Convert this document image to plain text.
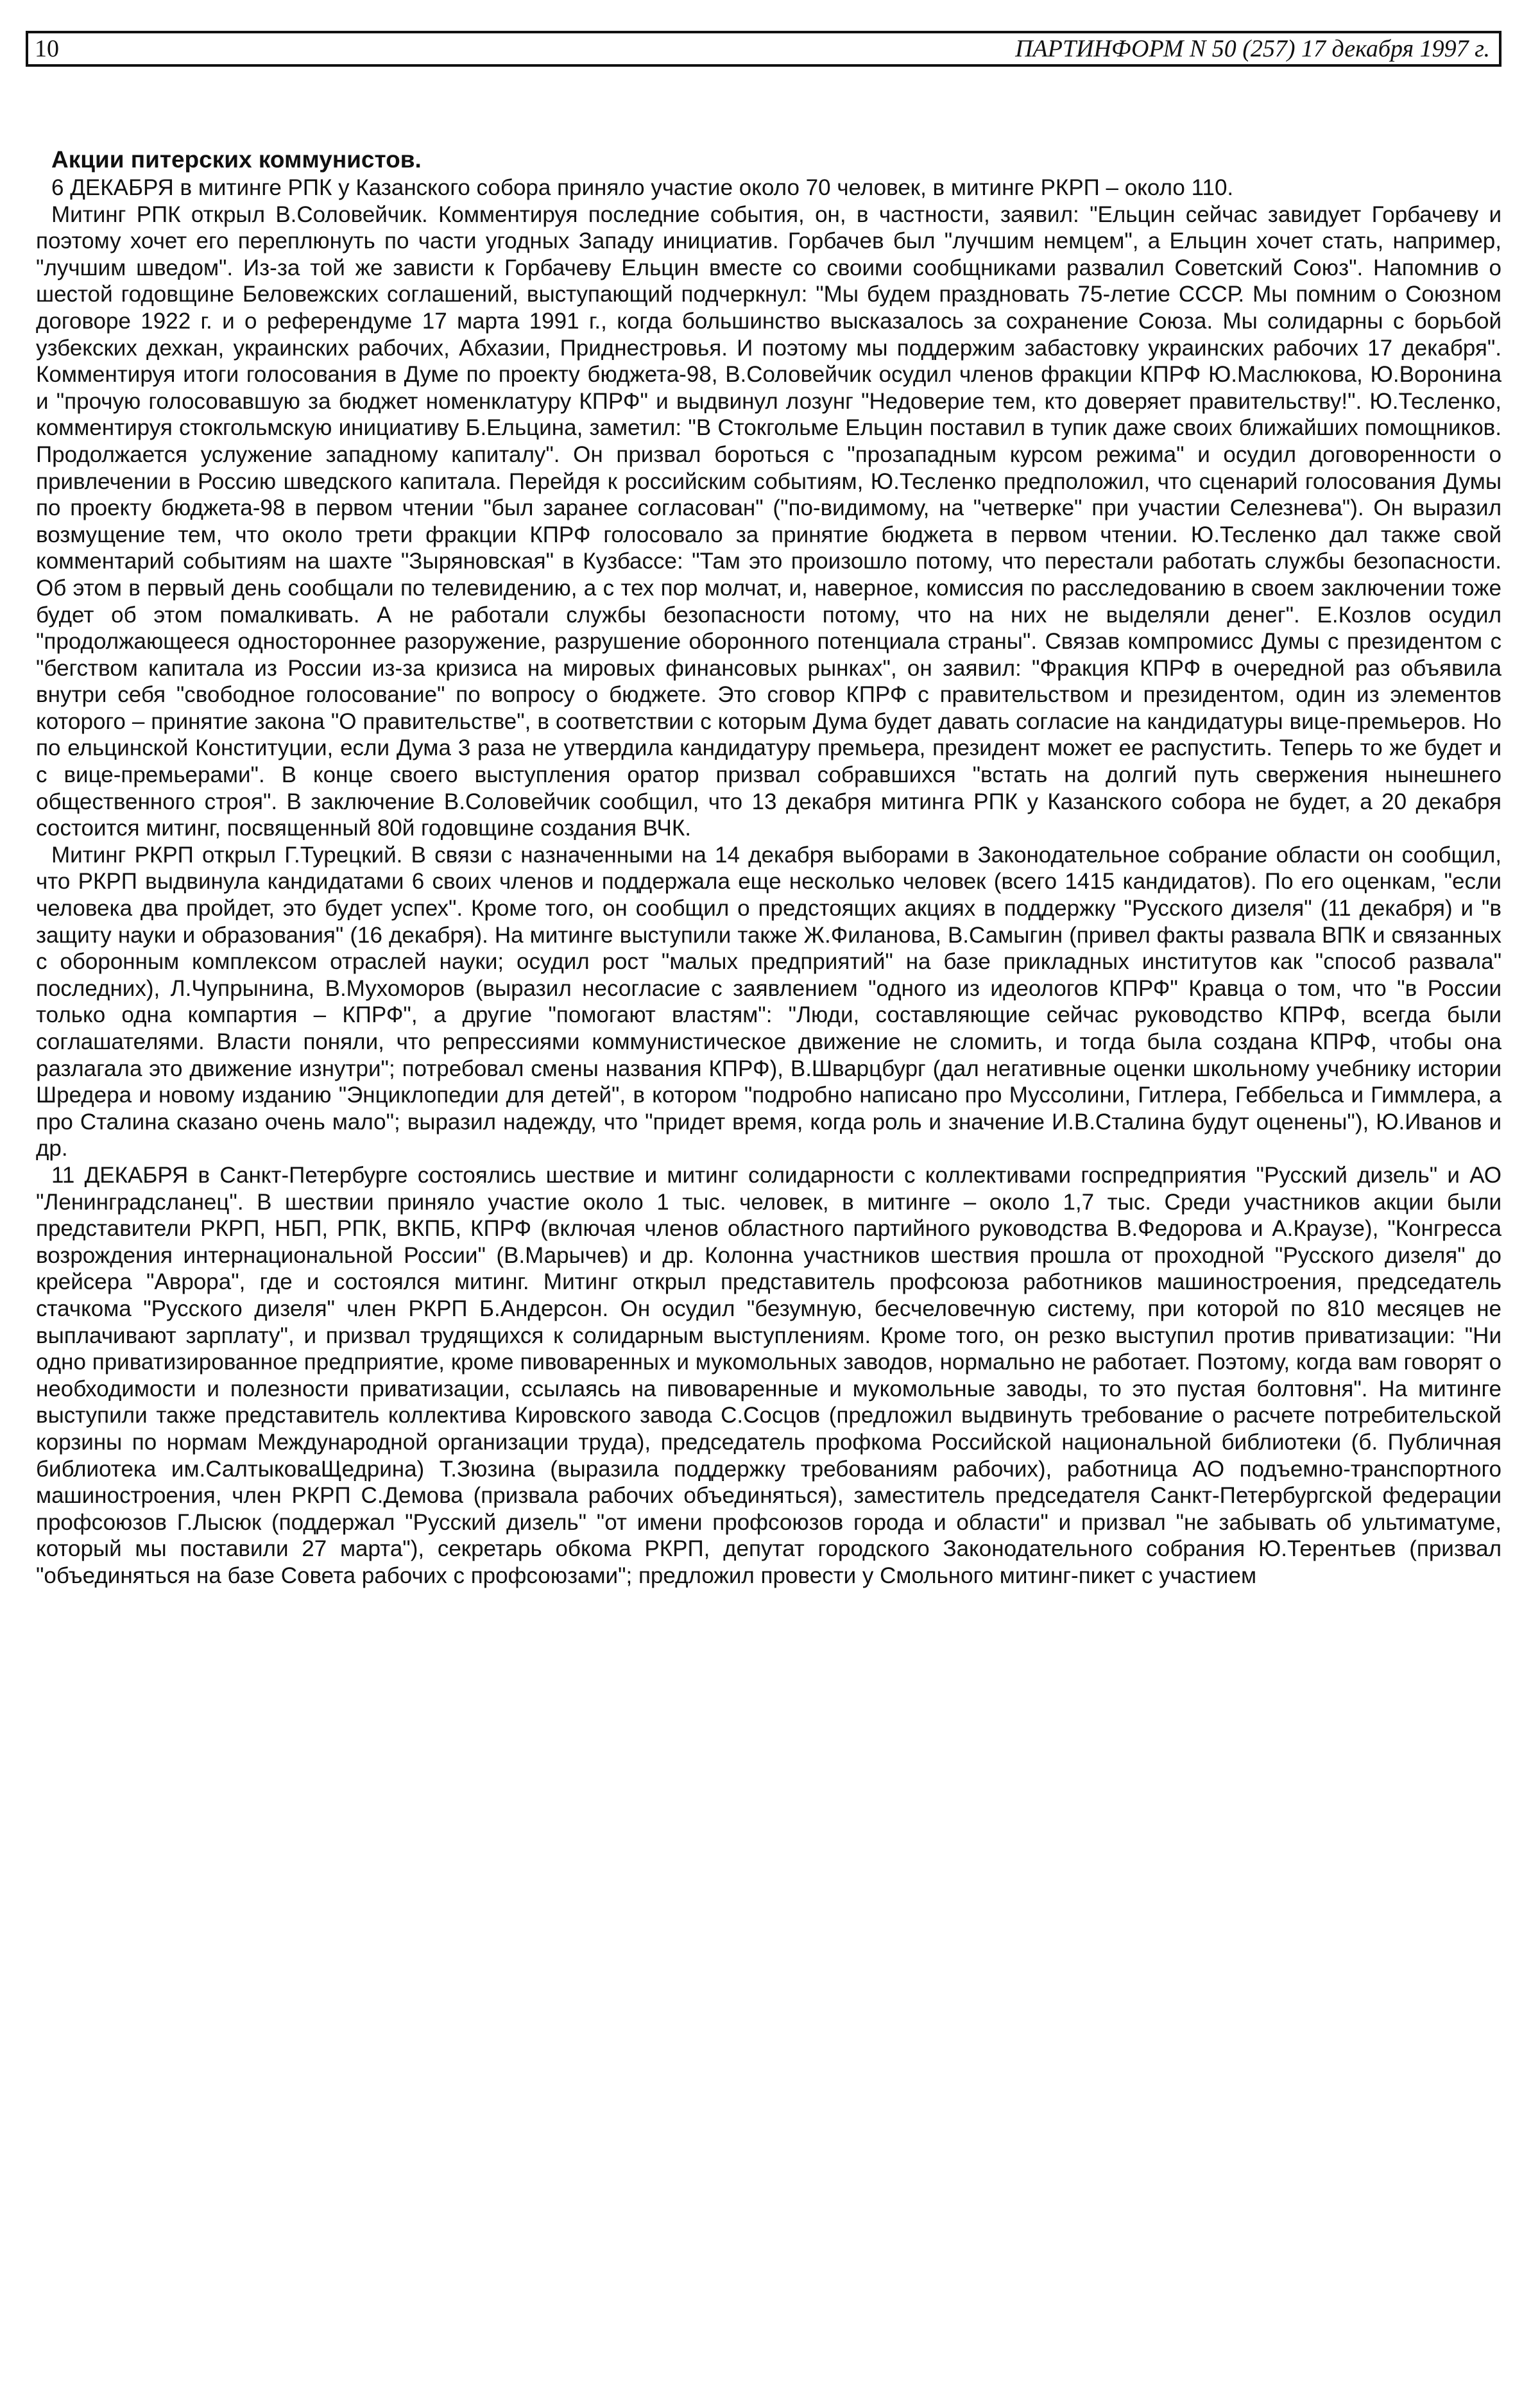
10	ПАРТИНФОРМ N 50 (257) 17 декабря 1997 г.
Акции питерских коммунистов.

6 ДЕКАБРЯ в митинге РПК у Казанского собора приняло участие около 70 человек, в митинге РКРП – около 110.

Митинг РПК открыл В.Соловейчик. Комментируя последние события, он, в частности, заявил: "Ельцин сейчас завидует Горбачеву и поэтому хочет его переплюнуть по части угодных Западу инициатив. Горбачев был "лучшим немцем", а Ельцин хочет стать, например, "лучшим шведом". Из-за той же зависти к Горбачеву Ельцин вместе со своими сообщниками развалил Советский Союз". Напомнив о шестой годовщине Беловежских соглашений, выступающий подчеркнул: "Мы будем праздновать 75-летие СССР. Мы помним о Союзном договоре 1922 г. и о референдуме 17 марта 1991 г., когда большинство высказалось за сохранение Союза. Мы солидарны с борьбой узбекских дехкан, украинских рабочих, Абхазии, Приднестровья. И поэтому мы поддержим забастовку украинских рабочих 17 декабря". Комментируя итоги голосования в Думе по проекту бюджета-98, В.Соловейчик осудил членов фракции КПРФ Ю.Маслюкова, Ю.Воронина и "прочую голосовавшую за бюджет номенклатуру КПРФ" и выдвинул лозунг "Недоверие тем, кто доверяет правительству!". Ю.Тесленко, комментируя стокгольмскую инициативу Б.Ельцина, заметил: "В Стокгольме Ельцин поставил в тупик даже своих ближайших помощников. Продолжается услужение западному капиталу". Он призвал бороться с "прозападным курсом режима" и осудил договоренности о привлечении в Россию шведского капитала. Перейдя к российским событиям, Ю.Тесленко предположил, что сценарий голосования Думы по проекту бюджета-98 в первом чтении "был заранее согласован" ("по-видимому, на "четверке" при участии Селезнева"). Он выразил возмущение тем, что около трети фракции КПРФ голосовало за принятие бюджета в первом чтении. Ю.Тесленко дал также свой комментарий событиям на шахте "Зыряновская" в Кузбассе: "Там это произошло потому, что перестали работать службы безопасности. Об этом в первый день сообщали по телевидению, а с тех пор молчат, и, наверное, комиссия по расследованию в своем заключении тоже будет об этом помалкивать. А не работали службы безопасности потому, что на них не выделяли денег". Е.Козлов осудил "продолжающееся одностороннее разоружение, разрушение оборонного потенциала страны". Связав компромисс Думы с президентом с "бегством капитала из России из-за кризиса на мировых финансовых рынках", он заявил: "Фракция КПРФ в очередной раз объявила внутри себя "свободное голосование" по вопросу о бюджете. Это сговор КПРФ с правительством и президентом, один из элементов которого – принятие закона "О правительстве", в соответствии с которым Дума будет давать согласие на кандидатуры вице-премьеров. Но по ельцинской Конституции, если Дума 3 раза не утвердила кандидатуру премьера, президент может ее распустить. Теперь то же будет и с вице-премьерами". В конце своего выступления оратор призвал собравшихся "встать на долгий путь свержения нынешнего общественного строя". В заключение В.Соловейчик сообщил, что 13 декабря митинга РПК у Казанского собора не будет, а 20 декабря состоится митинг, посвященный 80й годовщине создания ВЧК.

Митинг РКРП открыл Г.Турецкий. В связи с назначенными на 14 декабря выборами в Законодательное собрание области он сообщил, что РКРП выдвинула кандидатами 6 своих членов и поддержала еще несколько человек (всего 1415 кандидатов). По его оценкам, "если человека два пройдет, это будет успех". Кроме того, он сообщил о предстоящих акциях в поддержку "Русского дизеля" (11 декабря) и "в защиту науки и образования" (16 декабря). На митинге выступили также Ж.Филанова, В.Самыгин (привел факты развала ВПК и связанных с оборонным комплексом отраслей науки; осудил рост "малых предприятий" на базе прикладных институтов как "способ развала" последних), Л.Чупрынина, В.Мухоморов (выразил несогласие с заявлением "одного из идеологов КПРФ" Кравца о том, что "в России только одна компартия – КПРФ", а другие "помогают властям": "Люди, составляющие сейчас руководство КПРФ, всегда были соглашателями. Власти поняли, что репрессиями коммунистическое движение не сломить, и тогда была создана КПРФ, чтобы она разлагала это движение изнутри"; потребовал смены названия КПРФ), В.Шварцбург (дал негативные оценки школьному учебнику истории Шредера и новому изданию "Энциклопедии для детей", в котором "подробно написано про Муссолини, Гитлера, Геббельса и Гиммлера, а про Сталина сказано очень мало"; выразил надежду, что "придет время, когда роль и значение И.В.Сталина будут оценены"), Ю.Иванов и др.

11 ДЕКАБРЯ в Санкт-Петербурге состоялись шествие и митинг солидарности с коллективами госпредприятия "Русский дизель" и АО "Ленинградсланец". В шествии приняло участие около 1 тыс. человек, в митинге – около 1,7 тыс. Среди участников акции были представители РКРП, НБП, РПК, ВКПБ, КПРФ (включая членов областного партийного руководства В.Федорова и А.Краузе), "Конгресса возрождения интернациональной России" (В.Марычев) и др. Колонна участников шествия прошла от проходной "Русского дизеля" до крейсера "Аврора", где и состоялся митинг. Митинг открыл представитель профсоюза работников машиностроения, председатель стачкома "Русского дизеля" член РКРП Б.Андерсон. Он осудил "безумную, бесчеловечную систему, при которой по 810 месяцев не выплачивают зарплату", и призвал трудящихся к солидарным выступлениям. Кроме того, он резко выступил против приватизации: "Ни одно приватизированное предприятие, кроме пивоваренных и мукомольных заводов, нормально не работает. Поэтому, когда вам говорят о необходимости и полезности приватизации, ссылаясь на пивоваренные и мукомольные заводы, то это пустая болтовня". На митинге выступили также представитель коллектива Кировского завода С.Сосцов (предложил выдвинуть требование о расчете потребительской корзины по нормам Международной организации труда), председатель профкома Российской национальной библиотеки (б. Публичная библиотека им.СалтыковаЩедрина) Т.Зюзина (выразила поддержку требованиям рабочих), работница АО подъемно-транспортного машиностроения, член РКРП С.Демова (призвала рабочих объединяться), заместитель председателя Санкт-Петербургской федерации профсоюзов Г.Лысюк (поддержал "Русский дизель" "от имени профсоюзов города и области" и призвал "не забывать об ультиматуме, который мы поставили 27 марта"), секретарь обкома РКРП, депутат городского Законодательного собрания Ю.Терентьев (призвал "объединяться на базе Совета рабочих с профсоюзами"; предложил провести у Смольного митинг-пикет с участием
